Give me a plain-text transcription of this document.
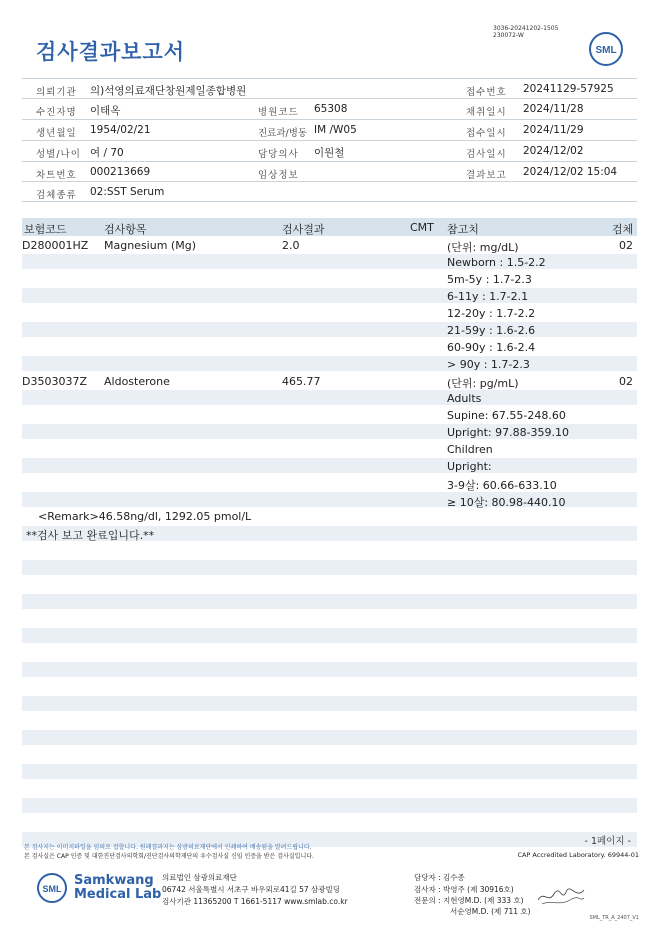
검사결과보고서
3036-20241202-1505
230072-W
SML
의뢰기관 의)석영의료재단창원제일종합병원	접수번호 20241129-57925
수진자명 이태옥	병원코드 65308	채취일시 2024/11/28
생년월일 1954/02/21	진료과/병동 IM /W05	접수일시 2024/11/29
성별/나이 여 / 70	담당의사 이원철	검사일시 2024/12/02
차트번호 000213669	임상정보	결과보고 2024/12/02 15:04
검체종류 02:SST Serum
보험코드	검사항목	검사결과	CMT 참고치	검체
D280001HZ Magnesium (Mg)	2.0	(단위: mg/dL)	02
Newborn : 1.5-2.2
5m-5y : 1.7-2.3
6-11y : 1.7-2.1
12-20y : 1.7-2.2
21-59y : 1.6-2.6
60-90y : 1.6-2.4
> 90y : 1.7-2.3
D3503037Z Aldosterone	465.77	(단위: pg/mL)	02
Adults
Supine: 67.55-248.60
Upright: 97.88-359.10
Children
Upright:
3-9살: 60.66-633.10
≥ 10살: 80.98-440.10
<Remark>46.58ng/dl, 1292.05 pmol/L
**검사 보고 완료입니다.**
- 1페이지 -
본 검사지는 이미지파일을 임의로 접합니다. 원래결과지는 삼광의료재단에서 인쇄하여 배송됨을 알려드립니다.
본 검사실은 CAP 인증 및 대한진단검사의학회/진단검사의학재단의 우수검사실 신임 인증을 받은 검사실입니다.	CAP Accredited Laboratory. 69944-01
SML
Samkwang
Medical Lab
의료법인 삼광의료재단
06742 서울특별시 서초구 바우뫼로41길 57 삼광빌딩
검사기관 11365200 T 1661-5117 www.smlab.co.kr
담당자 : 김수종
검사자 : 박영주 (제 30916호)
전문의 : 지현영M.D. (제 333 호)
서순영M.D. (제 711 호)
SML_TR_A_2407_V1
